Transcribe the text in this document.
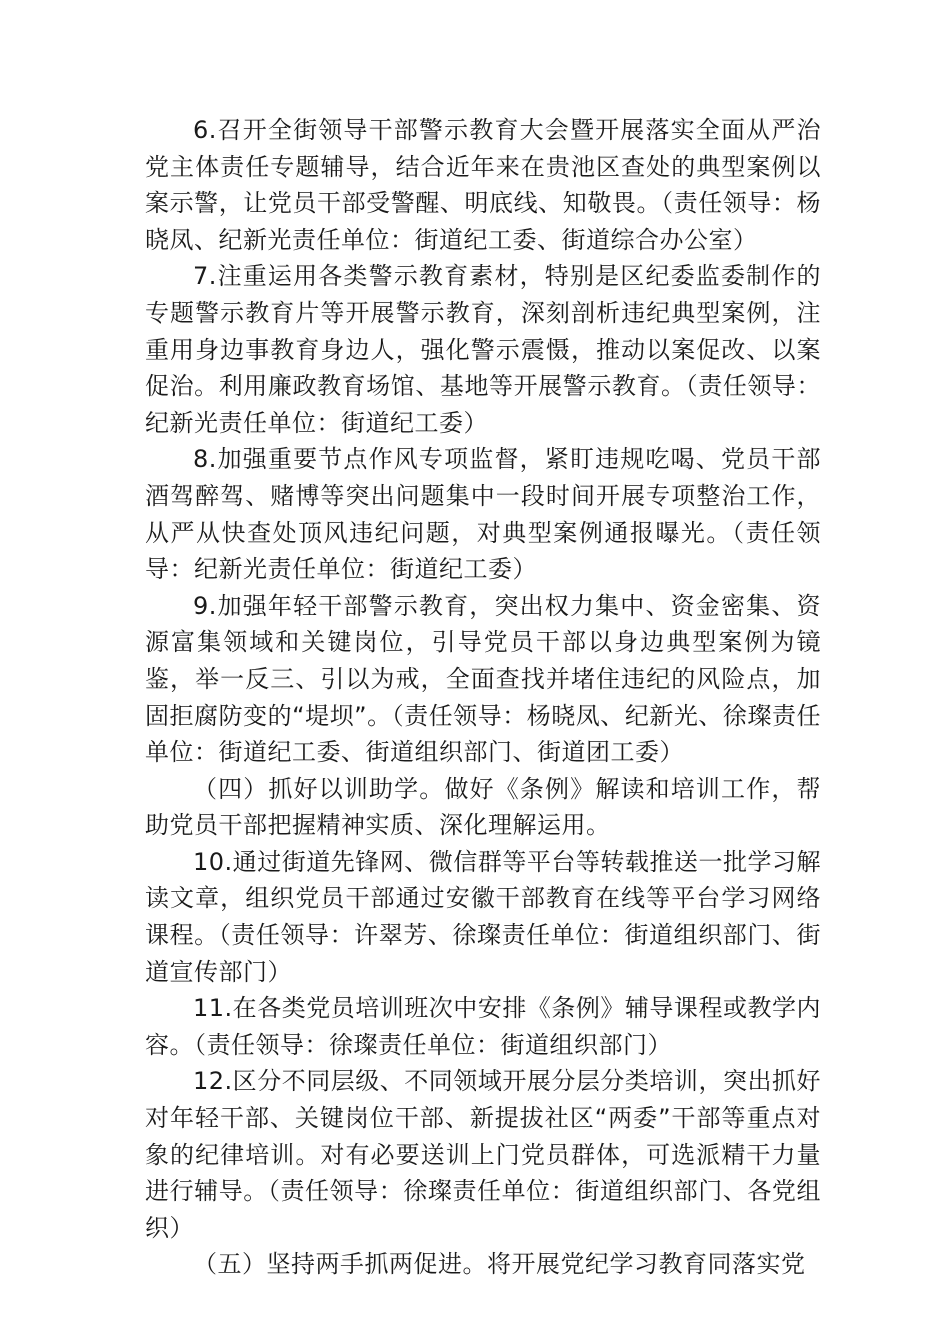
6.召开全街领导干部警示教育大会暨开展落实全面从严治党主体责任专题辅导，结合近年来在贵池区查处的典型案例以案示警，让党员干部受警醒、明底线、知敬畏。（责任领导：杨晓凤、纪新光责任单位：街道纪工委、街道综合办公室）

7.注重运用各类警示教育素材，特别是区纪委监委制作的专题警示教育片等开展警示教育，深刻剖析违纪典型案例，注重用身边事教育身边人，强化警示震慑，推动以案促改、以案促治。利用廉政教育场馆、基地等开展警示教育。（责任领导：纪新光责任单位：街道纪工委）

8.加强重要节点作风专项监督，紧盯违规吃喝、党员干部酒驾醉驾、赌博等突出问题集中一段时间开展专项整治工作，从严从快查处顶风违纪问题，对典型案例通报曝光。（责任领导：纪新光责任单位：街道纪工委）

9.加强年轻干部警示教育，突出权力集中、资金密集、资源富集领域和关键岗位，引导党员干部以身边典型案例为镜鉴，举一反三、引以为戒，全面查找并堵住违纪的风险点，加固拒腐防变的“堤坝”。（责任领导：杨晓凤、纪新光、徐璨责任单位：街道纪工委、街道组织部门、街道团工委）

（四）抓好以训助学。做好《条例》解读和培训工作，帮助党员干部把握精神实质、深化理解运用。

10.通过街道先锋网、微信群等平台等转载推送一批学习解读文章，组织党员干部通过安徽干部教育在线等平台学习网络课程。（责任领导：许翠芳、徐璨责任单位：街道组织部门、街道宣传部门）

11.在各类党员培训班次中安排《条例》辅导课程或教学内容。（责任领导：徐璨责任单位：街道组织部门）

12.区分不同层级、不同领域开展分层分类培训，突出抓好对年轻干部、关键岗位干部、新提拔社区“两委”干部等重点对象的纪律培训。对有必要送训上门党员群体，可选派精干力量进行辅导。（责任领导：徐璨责任单位：街道组织部门、各党组织）

（五）坚持两手抓两促进。将开展党纪学习教育同落实党
